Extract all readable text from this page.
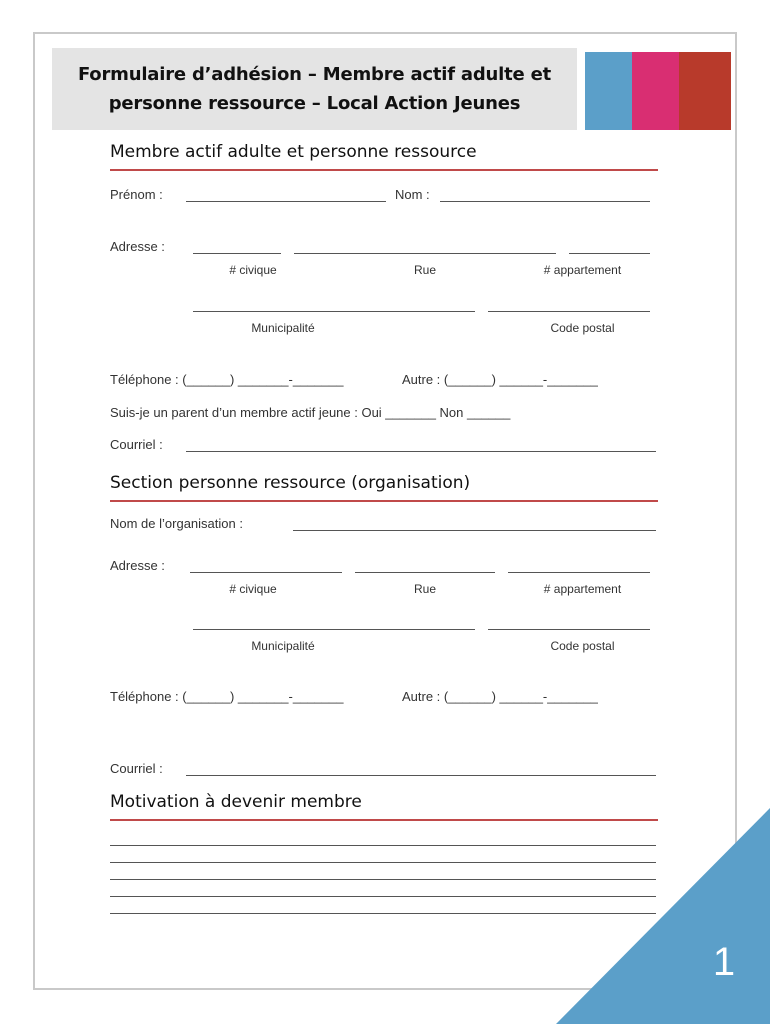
Formulaire d’adhésion – Membre actif adulte et
personne ressource – Local Action Jeunes
Membre actif adulte et personne ressource
Prénom :	Nom :
Adresse :
# civique	Rue	# appartement
Municipalité	Code postal
Téléphone : (______) _______-_______	Autre : (______) ______-_______
Suis-je un parent d’un membre actif jeune : Oui _______ Non ______
Courriel :
Section personne ressource (organisation)
Nom de l’organisation :
Adresse :
# civique	Rue	# appartement
Municipalité	Code postal
Téléphone : (______) _______-_______	Autre : (______) ______-_______
Courriel :
Motivation à devenir membre
1
